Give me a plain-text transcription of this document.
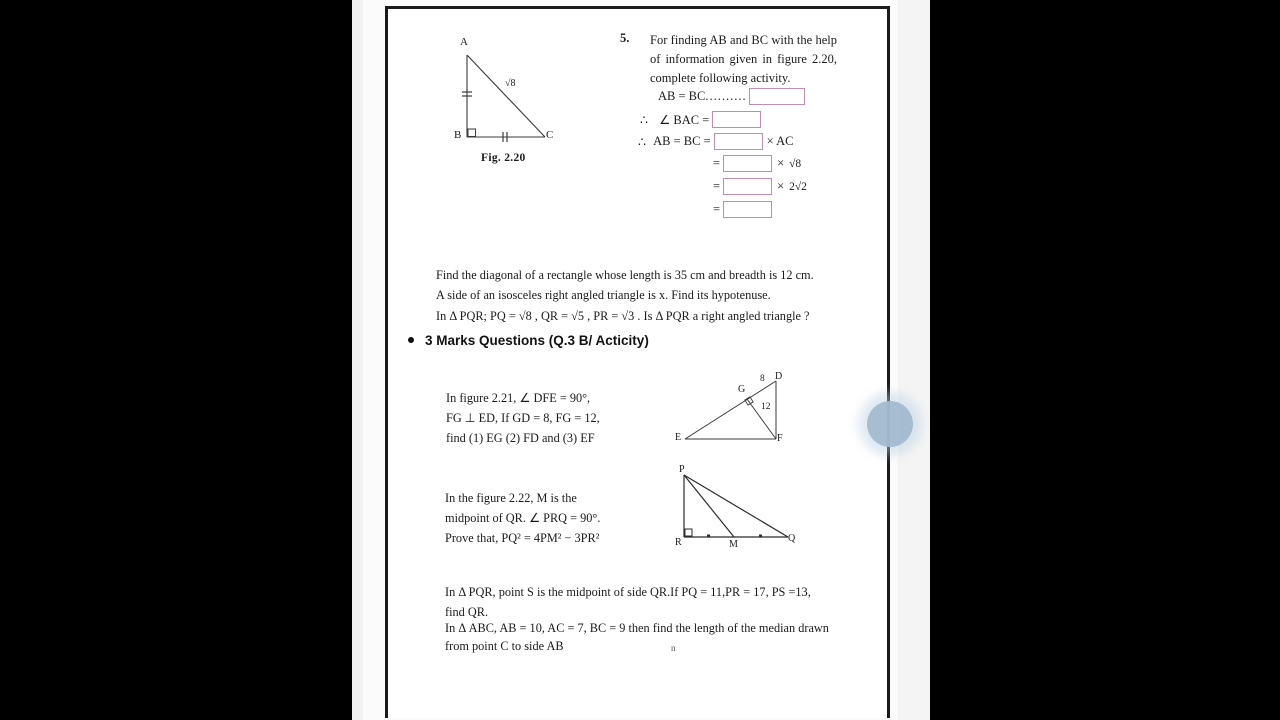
A
B	C
√8
Fig. 2.20
5. For finding AB and BC with the help of information given in figure 2.20, complete following activity.
AB = BC..........
∴ ∠ BAC =
∴ AB = BC =	× AC
=	× √8
=	× 2√2
=
Find the diagonal of a rectangle whose length is 35 cm and breadth is 12 cm.
A side of an isosceles right angled triangle is x. Find its hypotenuse.
In Δ PQR; PQ = √8 , QR = √5 , PR = √3 . Is Δ PQR a right angled triangle ?
3 Marks Questions (Q.3 B/ Acticity)
In figure 2.21, ∠ DFE = 90°,
FG ⊥ ED, If GD = 8, FG = 12,
find (1) EG (2) FD and (3) EF
D
E	F
G
8
12
In the figure 2.22, M is the
midpoint of QR. ∠ PRQ = 90°.
Prove that, PQ² = 4PM² − 3PR²
P
R	Q
M
In Δ PQR, point S is the midpoint of side QR.If PQ = 11,PR = 17, PS =13,
find QR.
In Δ ABC, AB = 10, AC = 7, BC = 9 then find the length of the median drawn
from point C to side AB	n
